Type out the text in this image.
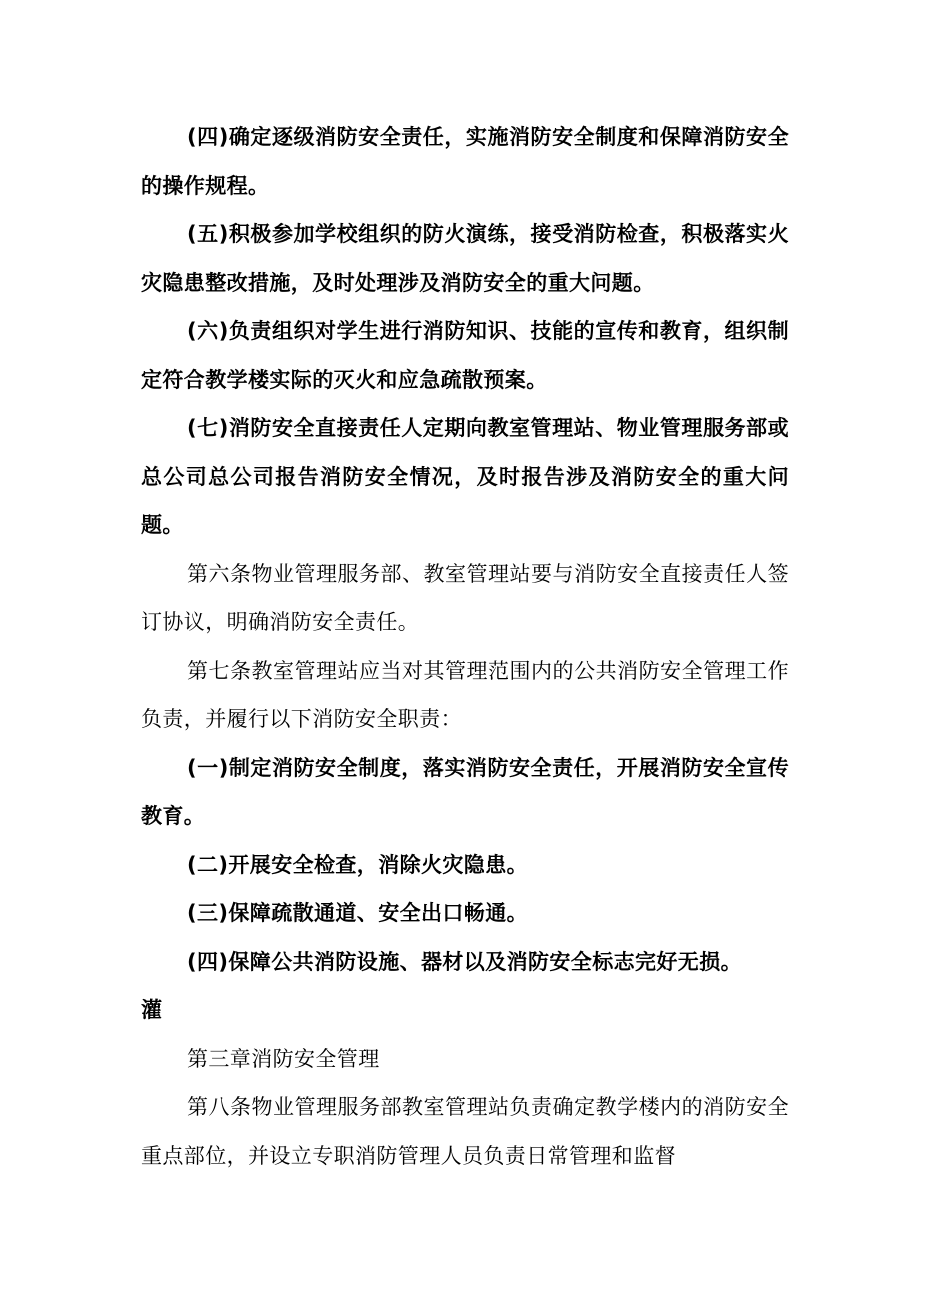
(四)确定逐级消防安全责任，实施消防安全制度和保障消防安全的操作规程。

(五)积极参加学校组织的防火演练，接受消防检查，积极落实火灾隐患整改措施，及时处理涉及消防安全的重大问题。

(六)负责组织对学生进行消防知识、技能的宣传和教育，组织制定符合教学楼实际的灭火和应急疏散预案。

(七)消防安全直接责任人定期向教室管理站、物业管理服务部或总公司总公司报告消防安全情况，及时报告涉及消防安全的重大问题。

第六条物业管理服务部、教室管理站要与消防安全直接责任人签订协议，明确消防安全责任。

第七条教室管理站应当对其管理范围内的公共消防安全管理工作负责，并履行以下消防安全职责：

(一)制定消防安全制度，落实消防安全责任，开展消防安全宣传教育。

(二)开展安全检查，消除火灾隐患。

(三)保障疏散通道、安全出口畅通。

(四)保障公共消防设施、器材以及消防安全标志完好无损。

灌

第三章消防安全管理

第八条物业管理服务部教室管理站负责确定教学楼内的消防安全重点部位，并设立专职消防管理人员负责日常管理和监督
